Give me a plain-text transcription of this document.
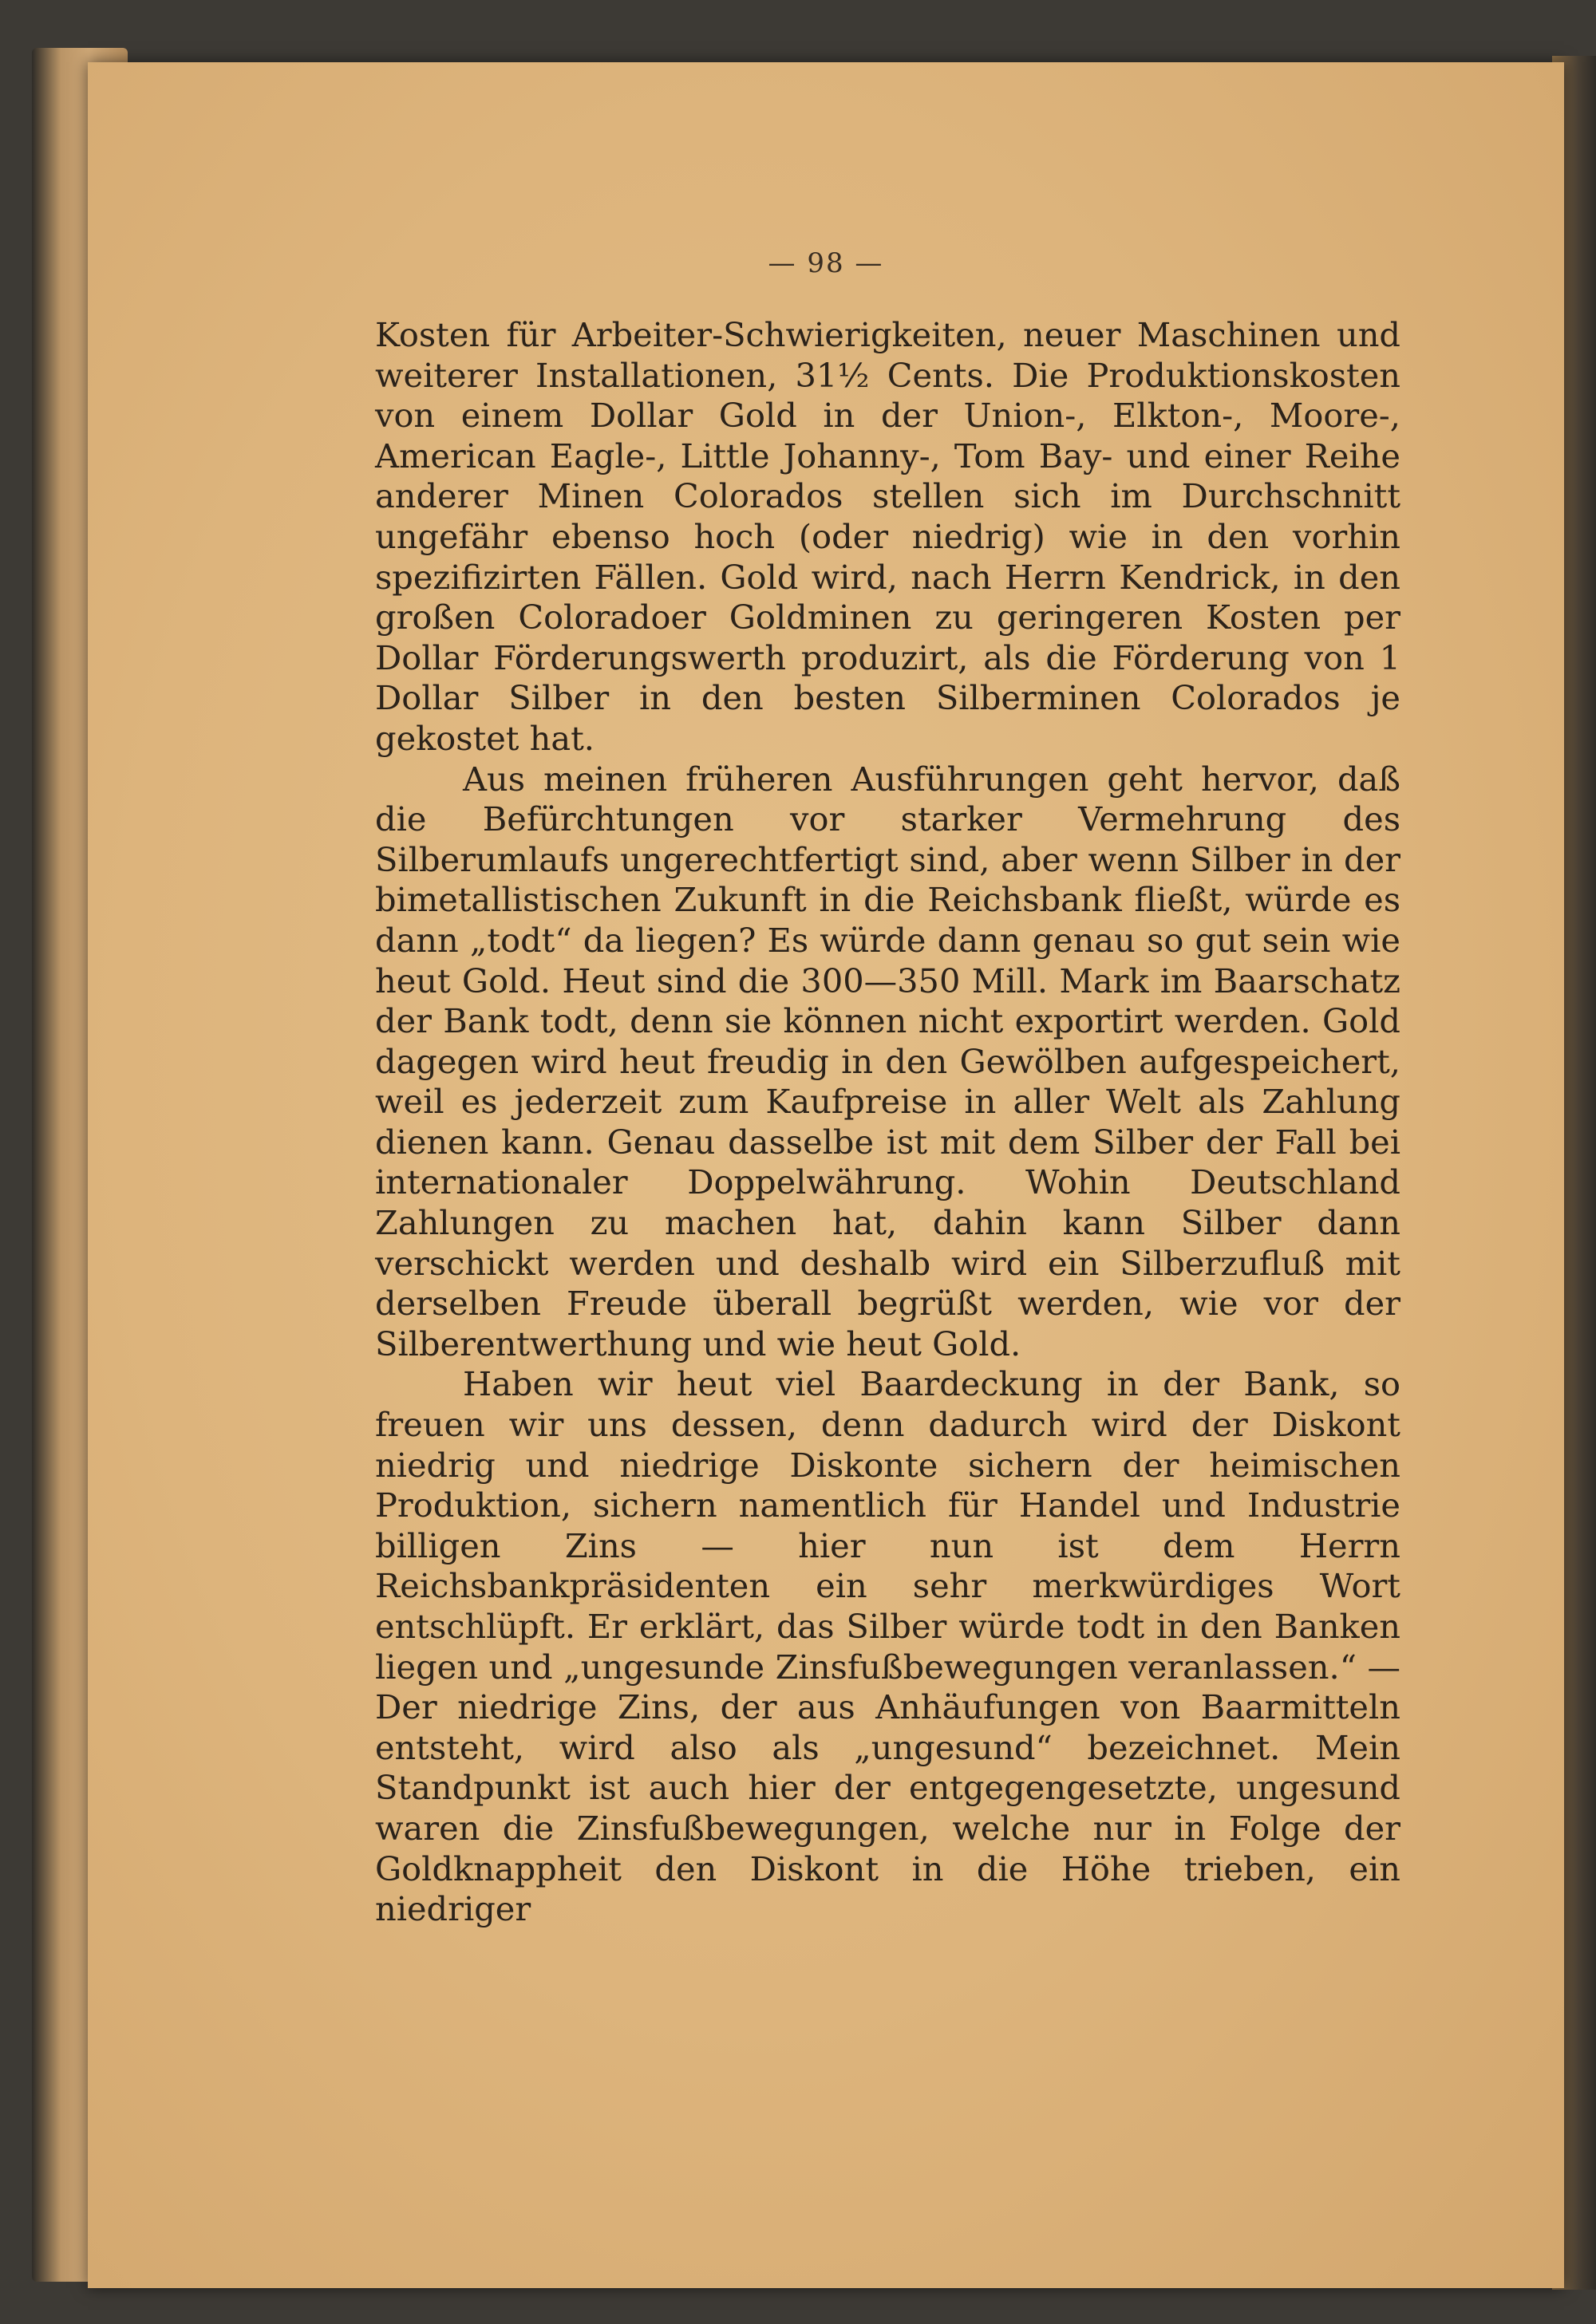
— 98 —

Kosten für Arbeiter-Schwierigkeiten, neuer Maschinen und weiterer Installationen, 31½ Cents. Die Produktionskosten von einem Dollar Gold in der Union-, Elkton-, Moore-, American Eagle-, Little Johanny-, Tom Bay- und einer Reihe anderer Minen Colorados stellen sich im Durchschnitt ungefähr ebenso hoch (oder niedrig) wie in den vorhin spezifizirten Fällen. Gold wird, nach Herrn Kendrick, in den großen Coloradoer Goldminen zu geringeren Kosten per Dollar Förderungswerth produzirt, als die Förderung von 1 Dollar Silber in den besten Silberminen Colorados je gekostet hat.

Aus meinen früheren Ausführungen geht hervor, daß die Befürchtungen vor starker Vermehrung des Silberumlaufs ungerechtfertigt sind, aber wenn Silber in der bimetallistischen Zukunft in die Reichsbank fließt, würde es dann „todt“ da liegen? Es würde dann genau so gut sein wie heut Gold. Heut sind die 300—350 Mill. Mark im Baarschatz der Bank todt, denn sie können nicht exportirt werden. Gold dagegen wird heut freudig in den Gewölben aufgespeichert, weil es jederzeit zum Kaufpreise in aller Welt als Zahlung dienen kann. Genau dasselbe ist mit dem Silber der Fall bei internationaler Doppelwährung. Wohin Deutschland Zahlungen zu machen hat, dahin kann Silber dann verschickt werden und deshalb wird ein Silberzufluß mit derselben Freude überall begrüßt werden, wie vor der Silberentwerthung und wie heut Gold.

Haben wir heut viel Baardeckung in der Bank, so freuen wir uns dessen, denn dadurch wird der Diskont niedrig und niedrige Diskonte sichern der heimischen Produktion, sichern namentlich für Handel und Industrie billigen Zins — hier nun ist dem Herrn Reichsbankpräsidenten ein sehr merkwürdiges Wort entschlüpft. Er erklärt, das Silber würde todt in den Banken liegen und „ungesunde Zinsfußbewegungen veranlassen.“ — Der niedrige Zins, der aus Anhäufungen von Baarmitteln entsteht, wird also als „ungesund“ bezeichnet. Mein Standpunkt ist auch hier der entgegengesetzte, ungesund waren die Zinsfußbewegungen, welche nur in Folge der Goldknappheit den Diskont in die Höhe trieben, ein niedriger
